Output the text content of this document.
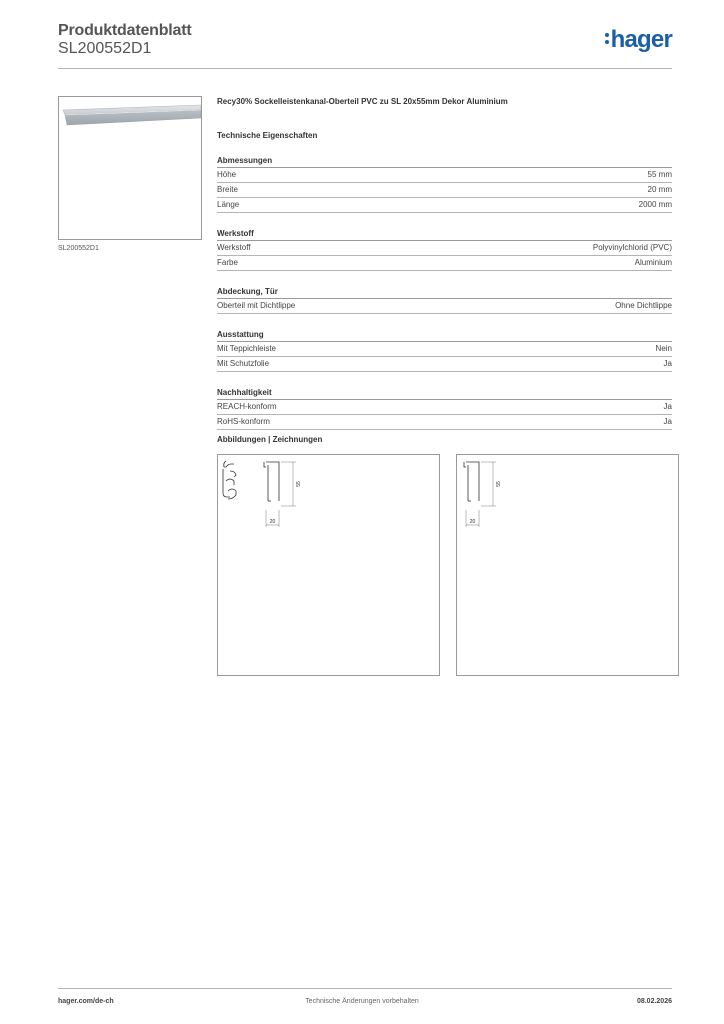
Produktdatenblatt
SL200552D1	hager
SL200552D1
Recy30% Sockelleistenkanal-Oberteil PVC zu SL 20x55mm Dekor Aluminium
Technische Eigenschaften
Abmessungen
Höhe	55 mm
Breite	20 mm
Länge	2000 mm
Werkstoff
Werkstoff	Polyvinylchlorid (PVC)
Farbe	Aluminium
Abdeckung, Tür
Oberteil mit Dichtlippe	Ohne Dichtlippe
Ausstattung
Mit Teppichleiste	Nein
Mit Schutzfolie	Ja
Nachhaltigkeit
REACH-konform	Ja
RoHS-konform	Ja
Abbildungen | Zeichnungen
55
20
55
20
hager.com/de-ch	Technische Änderungen vorbehalten	08.02.2026
